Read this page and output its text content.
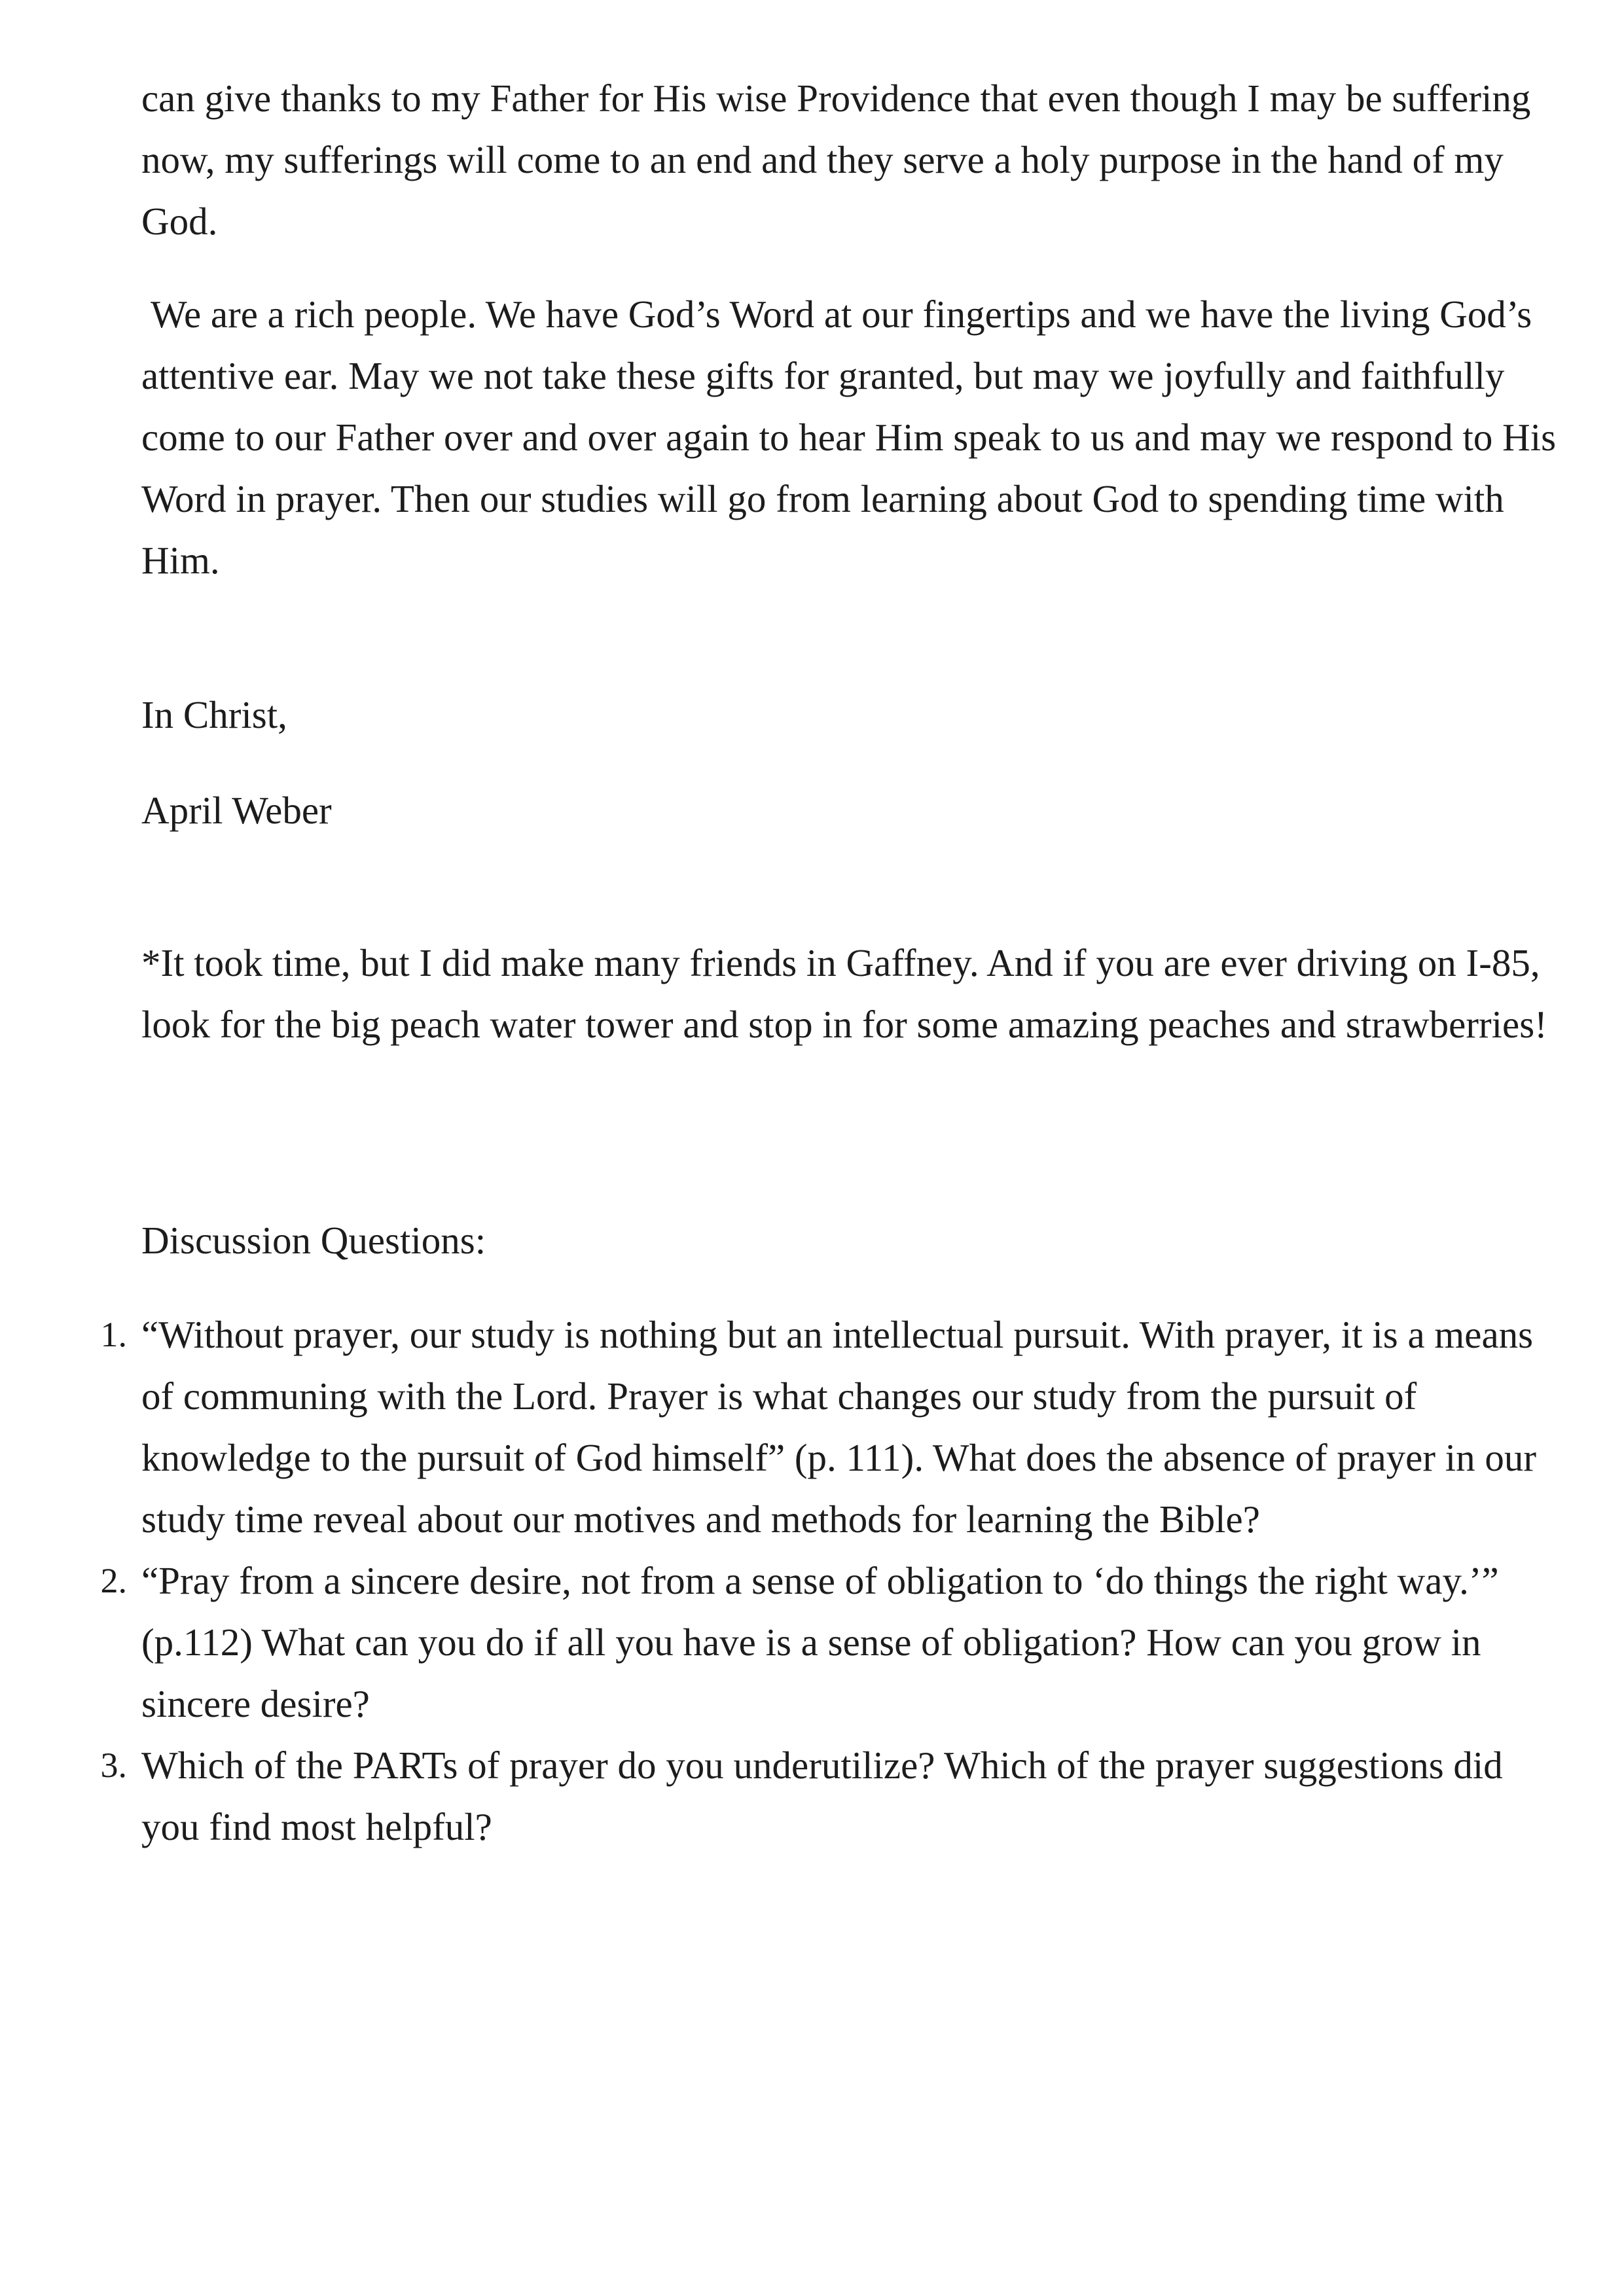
can give thanks to my Father for His wise Providence that even though I may be suffering now, my sufferings will come to an end and they serve a holy purpose in the hand of my God.

We are a rich people. We have God’s Word at our fingertips and we have the living God’s attentive ear. May we not take these gifts for granted, but may we joyfully and faithfully come to our Father over and over again to hear Him speak to us and may we respond to His Word in prayer. Then our studies will go from learning about God to spending time with Him.

In Christ,

April Weber

*It took time, but I did make many friends in Gaffney. And if you are ever driving on I-85, look for the big peach water tower and stop in for some amazing peaches and strawberries!

Discussion Questions:

1. “Without prayer, our study is nothing but an intellectual pursuit. With prayer, it is a means of communing with the Lord. Prayer is what changes our study from the pursuit of knowledge to the pursuit of God himself” (p. 111). What does the absence of prayer in our study time reveal about our motives and methods for learning the Bible?
2. “Pray from a sincere desire, not from a sense of obligation to ‘do things the right way.’” (p.112) What can you do if all you have is a sense of obligation? How can you grow in sincere desire?
3. Which of the PARTs of prayer do you underutilize? Which of the prayer suggestions did you find most helpful?
